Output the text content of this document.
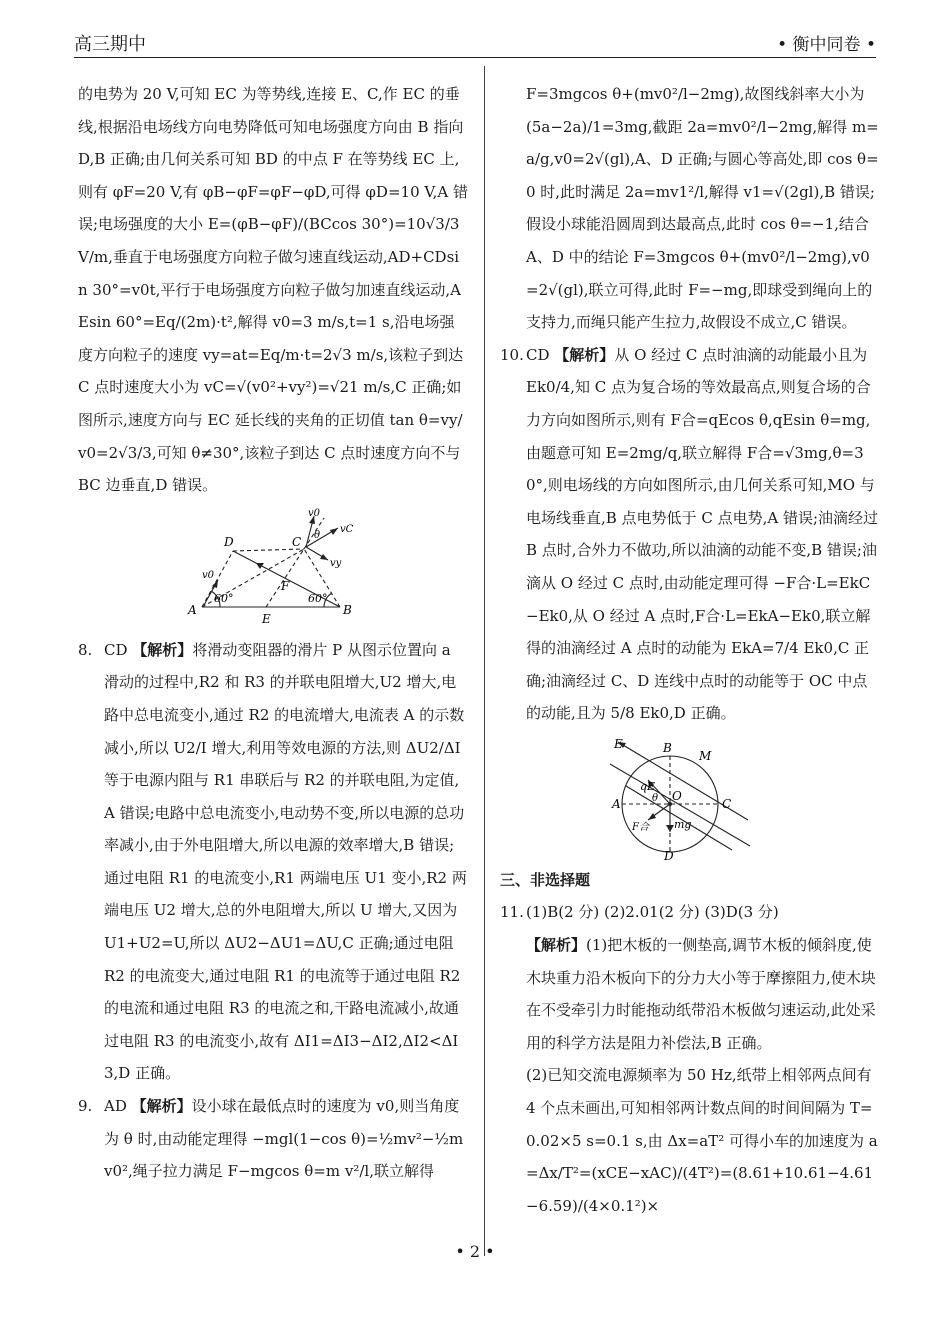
高三期中	• 衡中同卷 •

的电势为 20 V,可知 EC 为等势线,连接 E、C,作 EC 的垂线,根据沿电场线方向电势降低可知电场强度方向由 B 指向 D,B 正确;由几何关系可知 BD 的中点 F 在等势线 EC 上,则有 φF=20 V,有 φB−φF=φF−φD,可得 φD=10 V,A 错误;电场强度的大小 E=(φB−φF)/(BCcos 30°)=10√3/3 V/m,垂直于电场强度方向粒子做匀速直线运动,AD+CDsin 30°=v0t,平行于电场强度方向粒子做匀加速直线运动,AEsin 60°=Eq/(2m)·t²,解得 v0=3 m/s,t=1 s,沿电场强度方向粒子的速度 vy=at=Eq/m·t=2√3 m/s,该粒子到达 C 点时速度大小为 vC=√(v0²+vy²)=√21 m/s,C 正确;如图所示,速度方向与 EC 延长线的夹角的正切值 tan θ=vy/v0=2√3/3,可知 θ≠30°,该粒子到达 C 点时速度方向不与 BC 边垂直,D 错误。

D	C
A	B
E
F
v0
v0
vC
vy
θ
60°	60°

8. CD 【解析】将滑动变阻器的滑片 P 从图示位置向 a 滑动的过程中,R2 和 R3 的并联电阻增大,U2 增大,电路中总电流变小,通过 R2 的电流增大,电流表 A 的示数减小,所以 U2/I 增大,利用等效电源的方法,则 ΔU2/ΔI 等于电源内阻与 R1 串联后与 R2 的并联电阻,为定值,A 错误;电路中总电流变小,电动势不变,所以电源的总功率减小,由于外电阻增大,所以电源的效率增大,B 错误;通过电阻 R1 的电流变小,R1 两端电压 U1 变小,R2 两端电压 U2 增大,总的外电阻增大,所以 U 增大,又因为 U1+U2=U,所以 ΔU2−ΔU1=ΔU,C 正确;通过电阻 R2 的电流变大,通过电阻 R1 的电流等于通过电阻 R2 的电流和通过电阻 R3 的电流之和,干路电流减小,故通过电阻 R3 的电流变小,故有 ΔI1=ΔI3−ΔI2,ΔI2<ΔI3,D 正确。

9. AD 【解析】设小球在最低点时的速度为 v0,则当角度为 θ 时,由动能定理得 −mgl(1−cos θ)=½mv²−½mv0²,绳子拉力满足 F−mgcos θ=m v²/l,联立解得

F=3mgcos θ+(mv0²/l−2mg),故图线斜率大小为 (5a−2a)/1=3mg,截距 2a=mv0²/l−2mg,解得 m=a/g,v0=2√(gl),A、D 正确;与圆心等高处,即 cos θ=0 时,此时满足 2a=mv1²/l,解得 v1=√(2gl),B 错误;假设小球能沿圆周到达最高点,此时 cos θ=−1,结合 A、D 中的结论 F=3mgcos θ+(mv0²/l−2mg),v0=2√(gl),联立可得,此时 F=−mg,即球受到绳向上的支持力,而绳只能产生拉力,故假设不成立,C 错误。

10. CD 【解析】从 O 经过 C 点时油滴的动能最小且为 Ek0/4,知 C 点为复合场的等效最高点,则复合场的合力方向如图所示,则有 F合=qEcos θ,qEsin θ=mg,由题意可知 E=2mg/q,联立解得 F合=√3mg,θ=30°,则电场线的方向如图所示,由几何关系可知,MO 与电场线垂直,B 点电势低于 C 点电势,A 错误;油滴经过 B 点时,合外力不做功,所以油滴的动能不变,B 错误;油滴从 O 经过 C 点时,由动能定理可得 −F合·L=EkC−Ek0,从 O 经过 A 点时,F合·L=EkA−Ek0,联立解得的油滴经过 A 点时的动能为 EkA=7/4 Ek0,C 正确;油滴经过 C、D 连线中点时的动能等于 OC 中点的动能,且为 5/8 Ek0,D 正确。

E	B
M
A
O
C
D
qE
θ
F合 mg

三、非选择题

11. (1)B(2 分) (2)2.01(2 分) (3)D(3 分)

【解析】(1)把木板的一侧垫高,调节木板的倾斜度,使木块重力沿木板向下的分力大小等于摩擦阻力,使木块在不受牵引力时能拖动纸带沿木板做匀速运动,此处采用的科学方法是阻力补偿法,B 正确。

(2)已知交流电源频率为 50 Hz,纸带上相邻两点间有 4 个点未画出,可知相邻两计数点间的时间间隔为 T=0.02×5 s=0.1 s,由 Δx=aT² 可得小车的加速度为 a=Δx/T²=(xCE−xAC)/(4T²)=(8.61+10.61−4.61−6.59)/(4×0.1²)×

• 2 •
